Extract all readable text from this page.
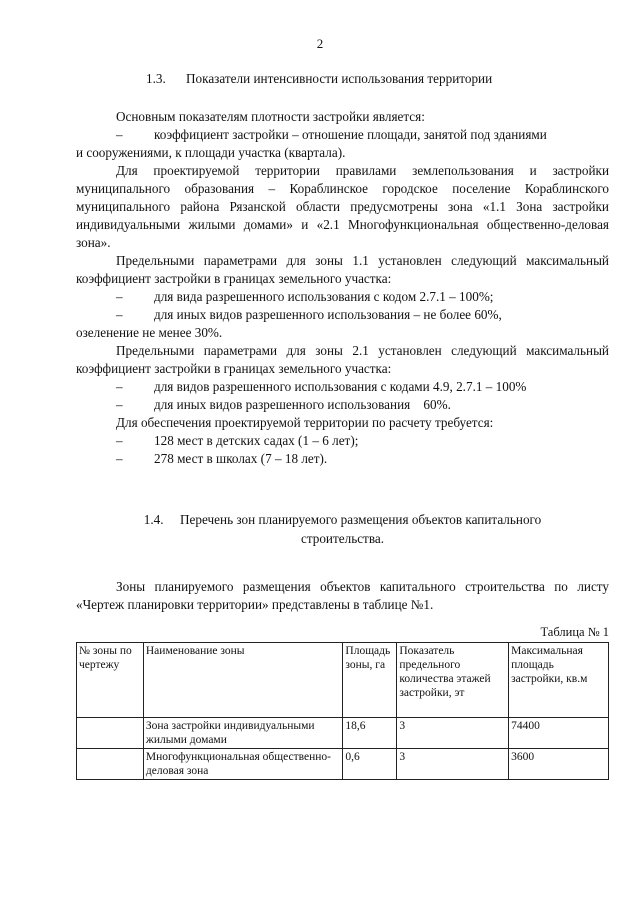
2
1.3. Показатели интенсивности использования территории

Основным показателям плотности застройки является:

–	коэффициент застройки – отношение площади, занятой под зданиями

и сооружениями, к площади участка (квартала).

Для проектируемой территории правилами землепользования и застройки муниципального образования – Кораблинское городское поселение Кораблинского муниципального района Рязанской области предусмотрены зона «1.1 Зона застройки индивидуальными жилыми домами» и «2.1 Многофункциональная общественно-деловая зона».

Предельными параметрами для зоны 1.1 установлен следующий максимальный коэффициент застройки в границах земельного участка:

–	для вида разрешенного использования с кодом 2.7.1 – 100%;

–	для иных видов разрешенного использования – не более 60%,

озеленение не менее 30%.

Предельными параметрами для зоны 2.1 установлен следующий максимальный коэффициент застройки в границах земельного участка:

–	для видов разрешенного использования с кодами 4.9, 2.7.1 – 100%

–	для иных видов разрешенного использования    60%.

Для обеспечения проектируемой территории по расчету требуется:

–	128 мест в детских садах (1 – 6 лет);

–	278 мест в школах (7 – 18 лет).

1.4. Перечень зон планируемого размещения объектов капитального
строительства.

Зоны планируемого размещения объектов капитального строительства по листу «Чертеж планировки территории» представлены в таблице №1.

Таблица № 1
№ зоны по чертежу	Наименование зоны	Площадь зоны, га	Показатель предельного количества этажей застройки, эт	Максимальная площадь застройки, кв.м
	Зона застройки индивидуальными жилыми домами	18,6	3	74400
	Многофункциональная общественно-деловая зона	0,6	3	3600
